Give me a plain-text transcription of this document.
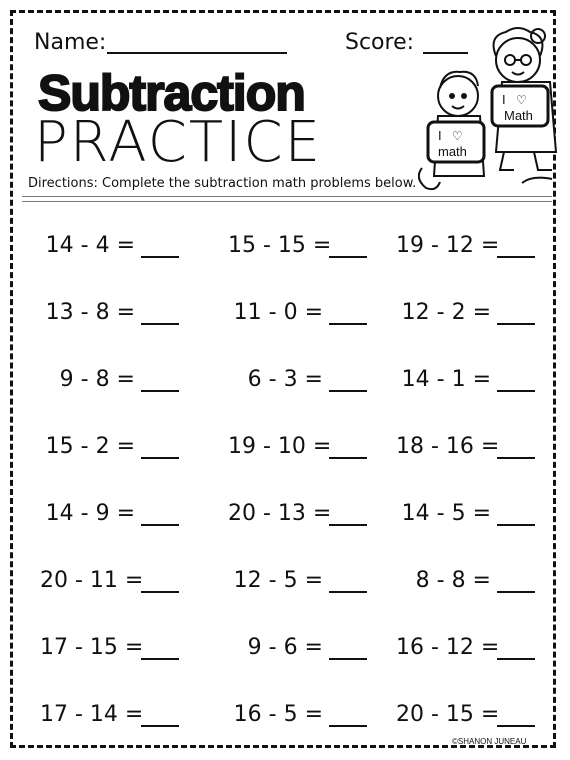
Name:	Score:
Subtraction
PRACTICE
I ♡
Math
I ♡
math
Directions: Complete the subtraction math problems below.
14 - 4 =
13 - 8 =
9 - 8 =
15 - 2 =
14 - 9 =
20 - 11 =
17 - 15 =
17 - 14 =
15 - 15 =
11 - 0 =
6 - 3 =
19 - 10 =
20 - 13 =
12 - 5 =
9 - 6 =
16 - 5 =
19 - 12 =
12 - 2 =
14 - 1 =
18 - 16 =
14 - 5 =
8 - 8 =
16 - 12 =
20 - 15 =
©SHANON JUNEAU
